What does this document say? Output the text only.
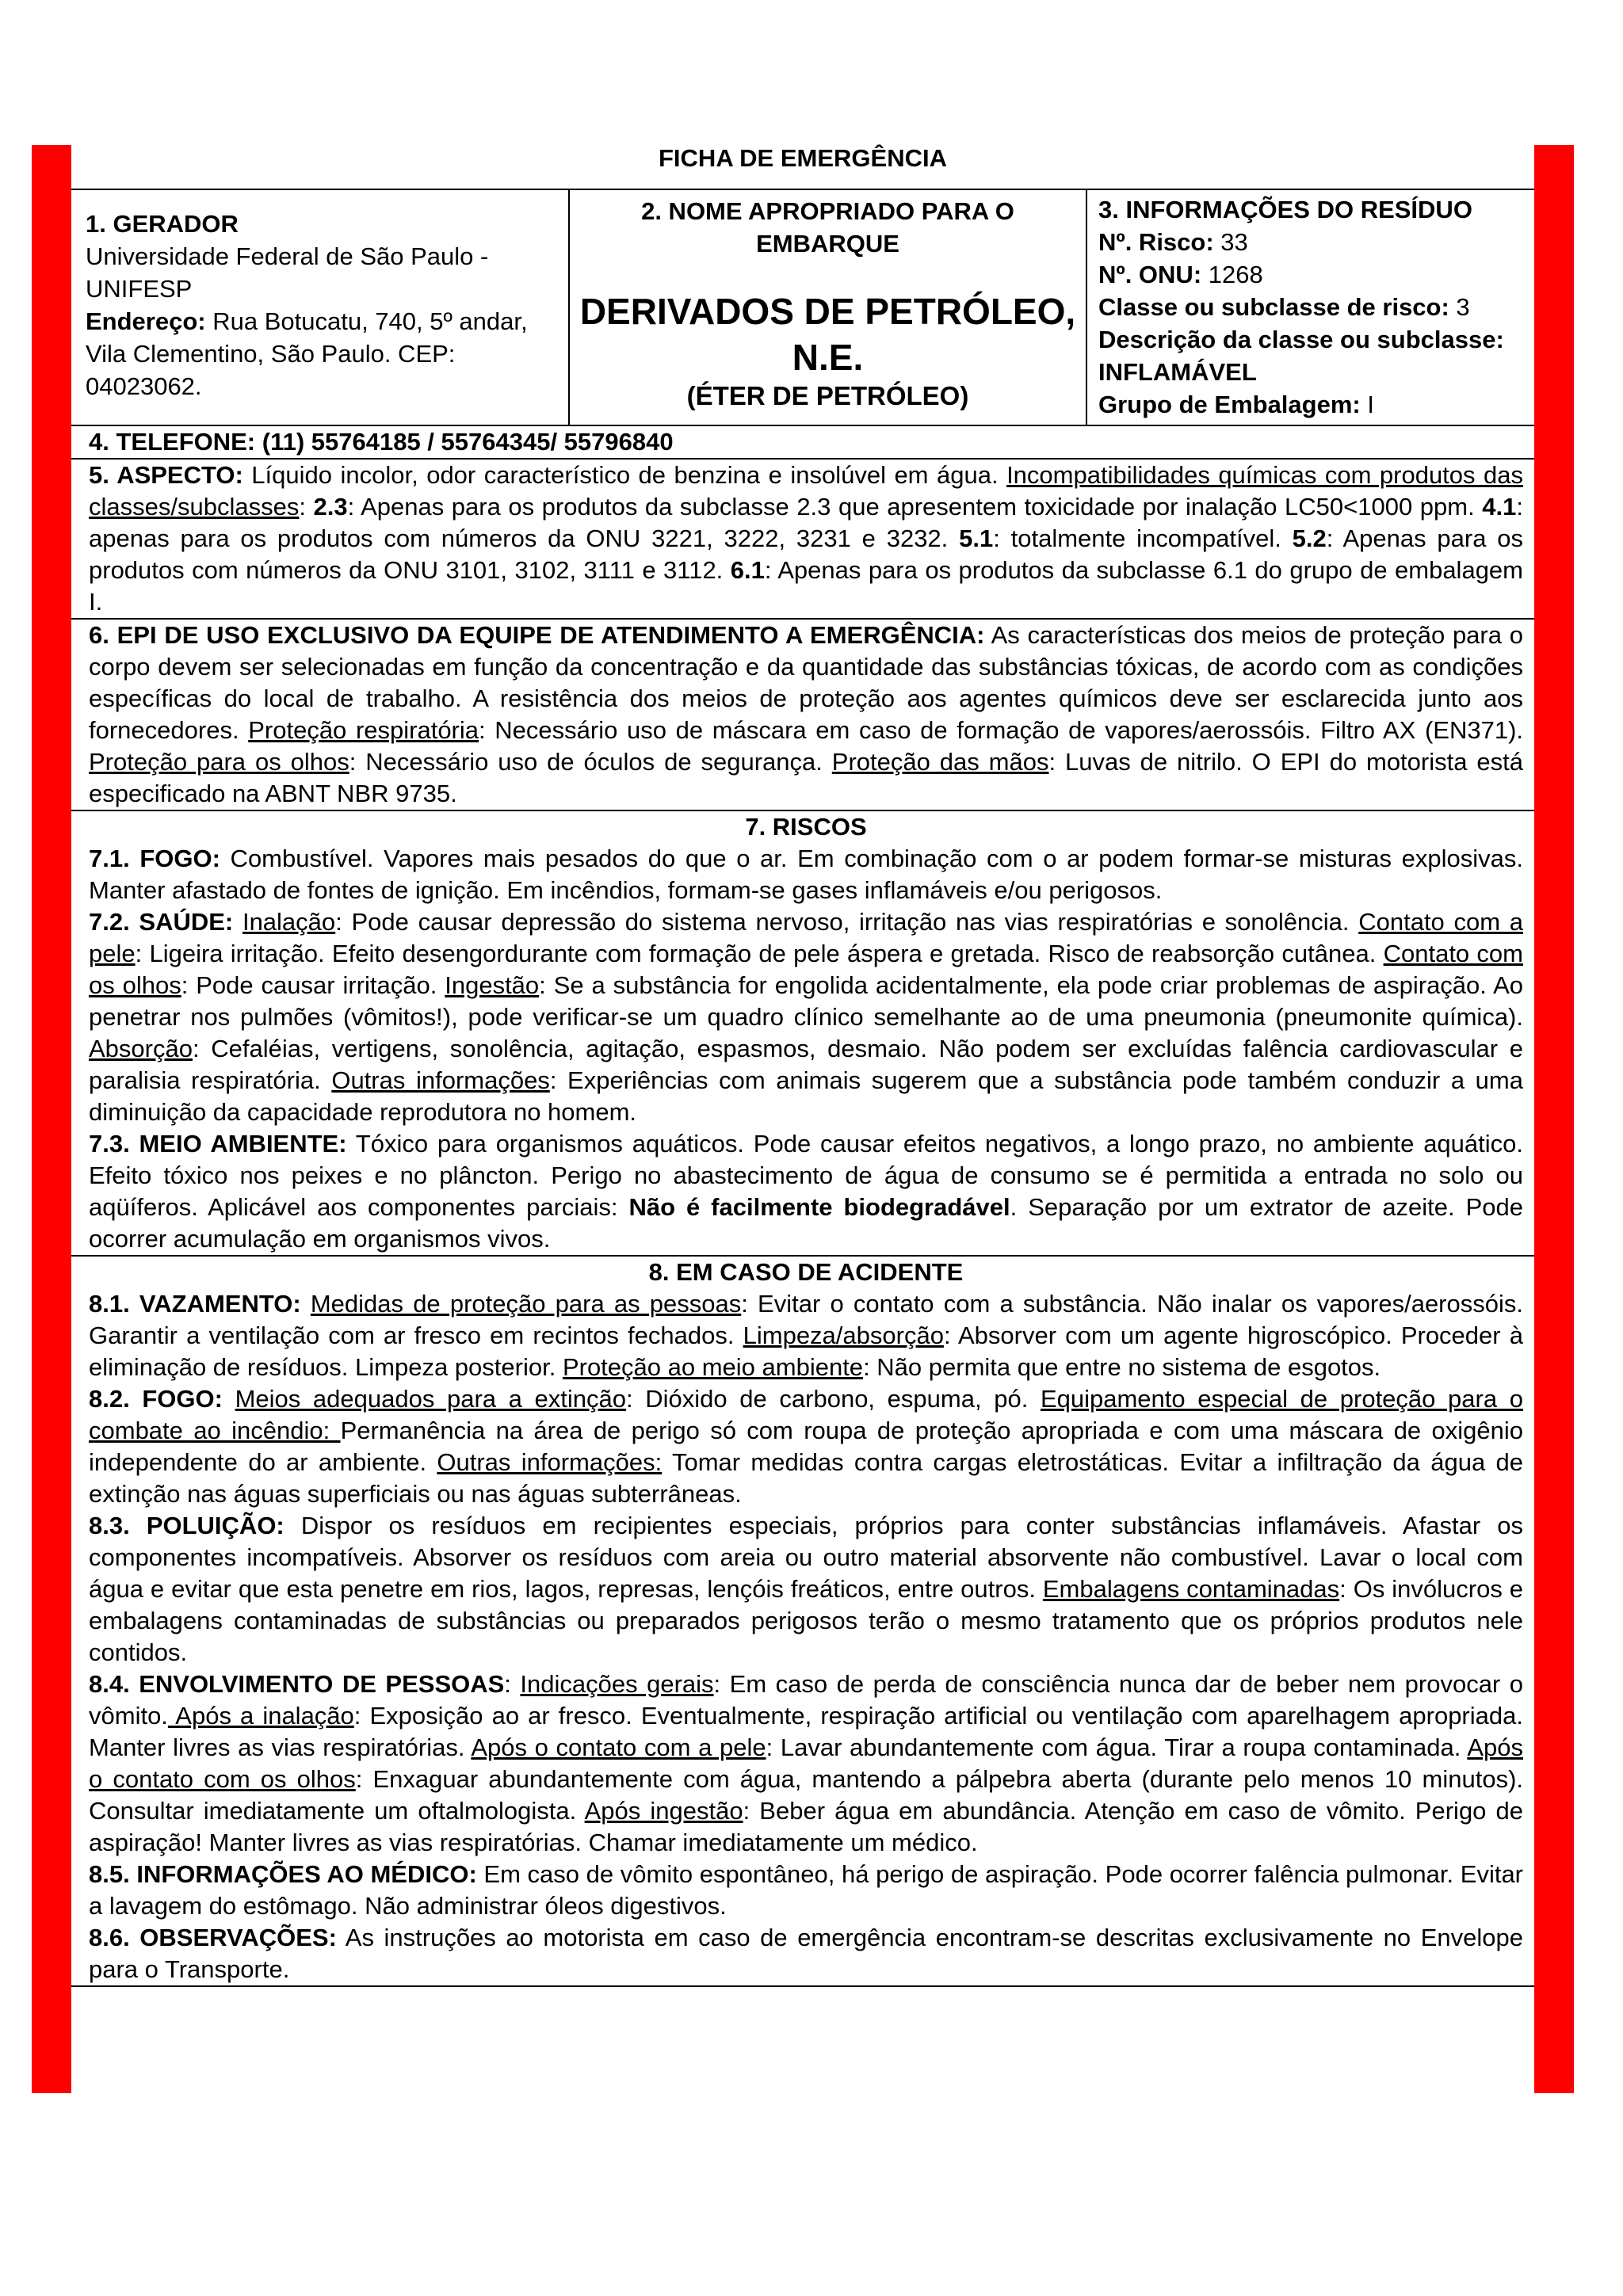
FICHA DE EMERGÊNCIA
1. GERADOR
Universidade Federal de São Paulo - UNIFESP
Endereço: Rua Botucatu, 740, 5º andar, Vila Clementino, São Paulo. CEP: 04023062.
2. NOME APROPRIADO PARA O EMBARQUE
DERIVADOS DE PETRÓLEO, N.E.
(ÉTER DE PETRÓLEO)
3. INFORMAÇÕES DO RESÍDUO
Nº. Risco: 33
Nº. ONU: 1268
Classe ou subclasse de risco: 3
Descrição da classe ou subclasse: INFLAMÁVEL
Grupo de Embalagem: I
4. TELEFONE: (11) 55764185 / 55764345/ 55796840

5. ASPECTO: Líquido incolor, odor característico de benzina e insolúvel em água. Incompatibilidades químicas com produtos das classes/subclasses: 2.3: Apenas para os produtos da subclasse 2.3 que apresentem toxicidade por inalação LC50<1000 ppm. 4.1: apenas para os produtos com números da ONU 3221, 3222, 3231 e 3232. 5.1: totalmente incompatível. 5.2: Apenas para os produtos com números da ONU 3101, 3102, 3111 e 3112. 6.1: Apenas para os produtos da subclasse 6.1 do grupo de embalagem I.

6. EPI DE USO EXCLUSIVO DA EQUIPE DE ATENDIMENTO A EMERGÊNCIA: As características dos meios de proteção para o corpo devem ser selecionadas em função da concentração e da quantidade das substâncias tóxicas, de acordo com as condições específicas do local de trabalho. A resistência dos meios de proteção aos agentes químicos deve ser esclarecida junto aos fornecedores. Proteção respiratória: Necessário uso de máscara em caso de formação de vapores/aerossóis. Filtro AX (EN371). Proteção para os olhos: Necessário uso de óculos de segurança. Proteção das mãos: Luvas de nitrilo. O EPI do motorista está especificado na ABNT NBR 9735.

7. RISCOS

7.1. FOGO: Combustível. Vapores mais pesados do que o ar. Em combinação com o ar podem formar-se misturas explosivas. Manter afastado de fontes de ignição. Em incêndios, formam-se gases inflamáveis e/ou perigosos.

7.2. SAÚDE: Inalação: Pode causar depressão do sistema nervoso, irritação nas vias respiratórias e sonolência. Contato com a pele: Ligeira irritação. Efeito desengordurante com formação de pele áspera e gretada. Risco de reabsorção cutânea. Contato com os olhos: Pode causar irritação. Ingestão: Se a substância for engolida acidentalmente, ela pode criar problemas de aspiração. Ao penetrar nos pulmões (vômitos!), pode verificar-se um quadro clínico semelhante ao de uma pneumonia (pneumonite química). Absorção: Cefaléias, vertigens, sonolência, agitação, espasmos, desmaio. Não podem ser excluídas falência cardiovascular e paralisia respiratória. Outras informações: Experiências com animais sugerem que a substância pode também conduzir a uma diminuição da capacidade reprodutora no homem.

7.3. MEIO AMBIENTE: Tóxico para organismos aquáticos. Pode causar efeitos negativos, a longo prazo, no ambiente aquático. Efeito tóxico nos peixes e no plâncton. Perigo no abastecimento de água de consumo se é permitida a entrada no solo ou aqüíferos. Aplicável aos componentes parciais: Não é facilmente biodegradável. Separação por um extrator de azeite. Pode ocorrer acumulação em organismos vivos.

8. EM CASO DE ACIDENTE

8.1. VAZAMENTO: Medidas de proteção para as pessoas: Evitar o contato com a substância. Não inalar os vapores/aerossóis. Garantir a ventilação com ar fresco em recintos fechados. Limpeza/absorção: Absorver com um agente higroscópico. Proceder à eliminação de resíduos. Limpeza posterior. Proteção ao meio ambiente: Não permita que entre no sistema de esgotos.

8.2. FOGO: Meios adequados para a extinção: Dióxido de carbono, espuma, pó. Equipamento especial de proteção para o combate ao incêndio: Permanência na área de perigo só com roupa de proteção apropriada e com uma máscara de oxigênio independente do ar ambiente. Outras informações: Tomar medidas contra cargas eletrostáticas. Evitar a infiltração da água de extinção nas águas superficiais ou nas águas subterrâneas.

8.3. POLUIÇÃO: Dispor os resíduos em recipientes especiais, próprios para conter substâncias inflamáveis. Afastar os componentes incompatíveis. Absorver os resíduos com areia ou outro material absorvente não combustível. Lavar o local com água e evitar que esta penetre em rios, lagos, represas, lençóis freáticos, entre outros. Embalagens contaminadas: Os invólucros e embalagens contaminadas de substâncias ou preparados perigosos terão o mesmo tratamento que os próprios produtos nele contidos.

8.4. ENVOLVIMENTO DE PESSOAS: Indicações gerais: Em caso de perda de consciência nunca dar de beber nem provocar o vômito. Após a inalação: Exposição ao ar fresco. Eventualmente, respiração artificial ou ventilação com aparelhagem apropriada. Manter livres as vias respiratórias. Após o contato com a pele: Lavar abundantemente com água. Tirar a roupa contaminada. Após o contato com os olhos: Enxaguar abundantemente com água, mantendo a pálpebra aberta (durante pelo menos 10 minutos). Consultar imediatamente um oftalmologista. Após ingestão: Beber água em abundância. Atenção em caso de vômito. Perigo de aspiração! Manter livres as vias respiratórias. Chamar imediatamente um médico.

8.5. INFORMAÇÕES AO MÉDICO: Em caso de vômito espontâneo, há perigo de aspiração. Pode ocorrer falência pulmonar. Evitar a lavagem do estômago. Não administrar óleos digestivos.

8.6. OBSERVAÇÕES: As instruções ao motorista em caso de emergência encontram-se descritas exclusivamente no Envelope para o Transporte.
